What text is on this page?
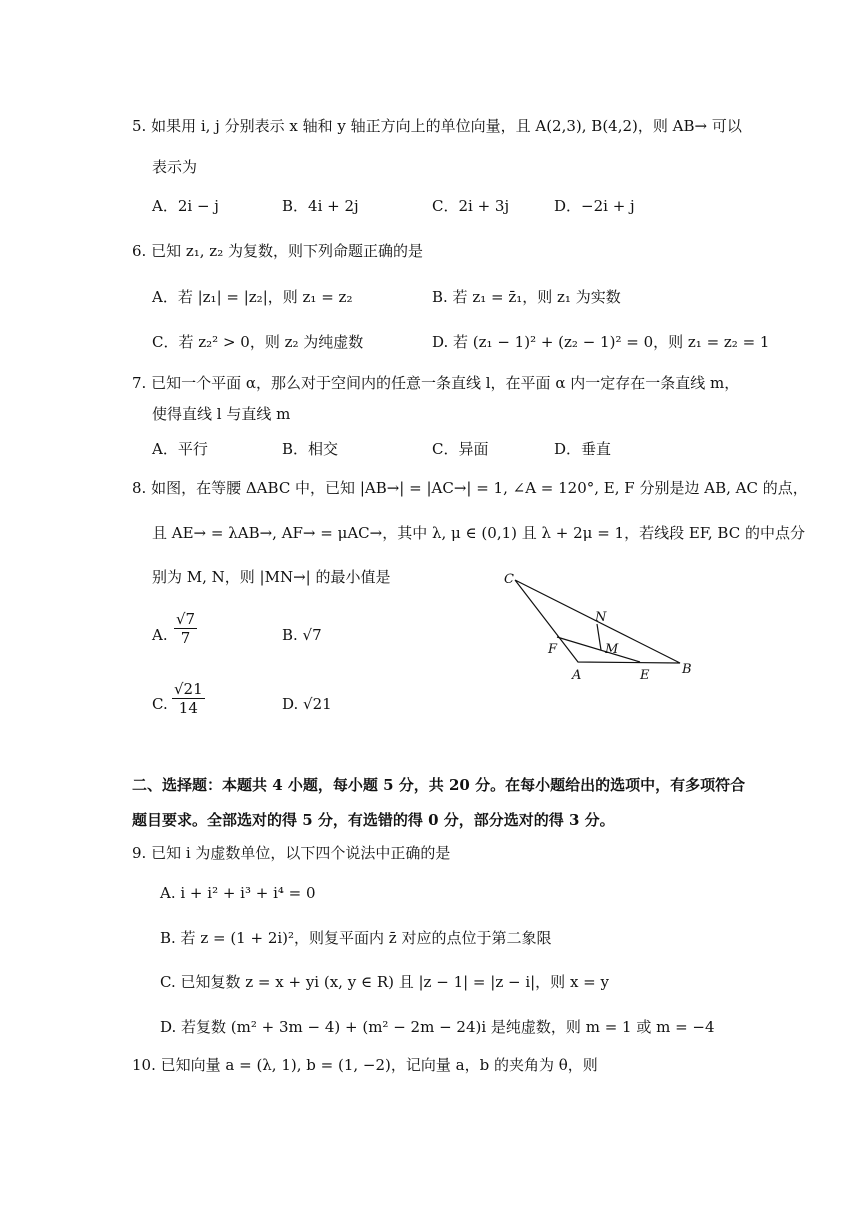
5. 如果用 i, j 分别表示 x 轴和 y 轴正方向上的单位向量，且 A(2,3), B(4,2)，则 AB→ 可以
表示为
A．2i − j	B．4i + 2j	C．2i + 3j	D．−2i + j
6. 已知 z₁, z₂ 为复数，则下列命题正确的是
A．若 |z₁| = |z₂|，则 z₁ = z₂	B. 若 z₁ = z̄₁，则 z₁ 为实数
C．若 z₂² > 0，则 z₂ 为纯虚数	D. 若 (z₁ − 1)² + (z₂ − 1)² = 0，则 z₁ = z₂ = 1
7. 已知一个平面 α，那么对于空间内的任意一条直线 l，在平面 α 内一定存在一条直线 m，
使得直线 l 与直线 m
A．平行	B．相交	C．异面	D．垂直
8. 如图，在等腰 ΔABC 中，已知 |AB→| = |AC→| = 1, ∠A = 120°, E, F 分别是边 AB, AC 的点，
且 AE→ = λAB→, AF→ = μAC→，其中 λ, μ ∈ (0,1) 且 λ + 2μ = 1，若线段 EF, BC 的中点分
别为 M, N，则 |MN→| 的最小值是
A. $\frac{√7}{7}$	B. √7
C. $\frac{√21}{14}$	D. √21
C
N
F	M
A	E	B
二、选择题：本题共 4 小题，每小题 5 分，共 20 分。在每小题给出的选项中，有多项符合
题目要求。全部选对的得 5 分，有选错的得 0 分，部分选对的得 3 分。
9. 已知 i 为虚数单位，以下四个说法中正确的是
A. i + i² + i³ + i⁴ = 0
B. 若 z = (1 + 2i)²，则复平面内 z̄ 对应的点位于第二象限
C. 已知复数 z = x + yi (x, y ∈ R) 且 |z − 1| = |z − i|，则 x = y
D. 若复数 (m² + 3m − 4) + (m² − 2m − 24)i 是纯虚数，则 m = 1 或 m = −4
10. 已知向量 a = (λ, 1), b = (1, −2)，记向量 a，b 的夹角为 θ，则
